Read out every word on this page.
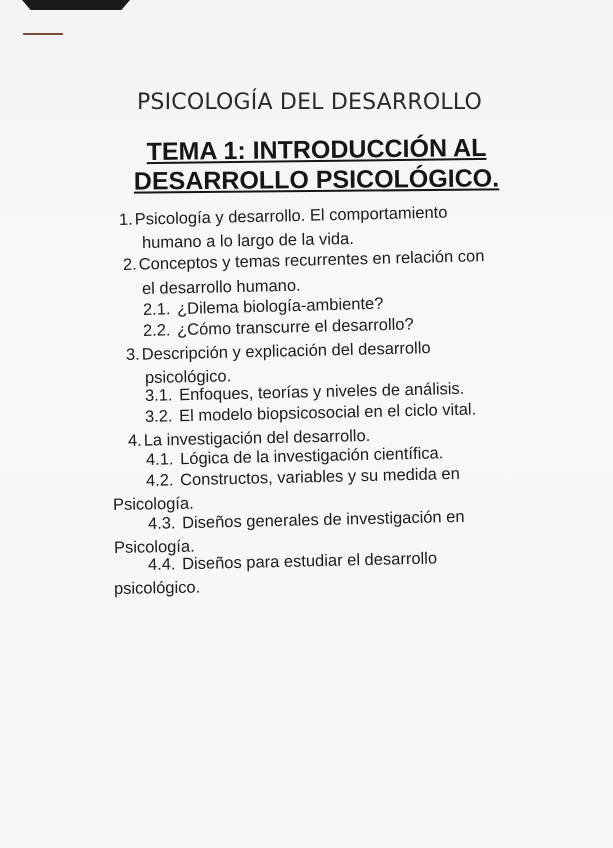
PSICOLOGÍA DEL DESARROLLO
TEMA 1: INTRODUCCIÓN AL
DESARROLLO PSICOLÓGICO.
1.Psicología y desarrollo. El comportamiento
humano a lo largo de la vida.
2.Conceptos y temas recurrentes en relación con
el desarrollo humano.
2.1. ¿Dilema biología-ambiente?
2.2. ¿Cómo transcurre el desarrollo?
3.Descripción y explicación del desarrollo
psicológico.
3.1. Enfoques, teorías y niveles de análisis.
3.2. El modelo biopsicosocial en el ciclo vital.
4.La investigación del desarrollo.
4.1. Lógica de la investigación científica.
4.2. Constructos, variables y su medida en
Psicología.
4.3. Diseños generales de investigación en
Psicología.
4.4. Diseños para estudiar el desarrollo
psicológico.
